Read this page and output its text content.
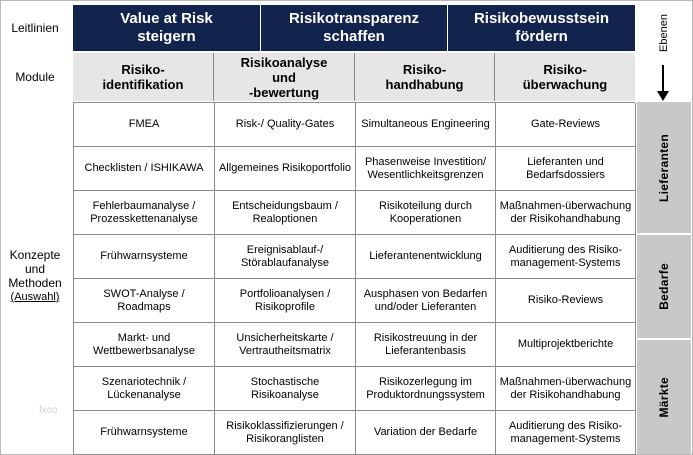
Leitlinien
Module
Konzepte
und
Methoden
(Auswahl)
fxco
Value at Risk
steigern
Risikotransparenz
schaffen
Risikobewusstsein
fördern
Risiko-
identifikation
Risikoanalyse
und
-bewertung
Risiko-
handhabung
Risiko-
überwachung
Ebenen
FMEA	Risk-/ Quality-Gates Simultaneous Engineering	Gate-Reviews
Checklisten / ISHIKAWA Allgemeines Risikoportfolio
Phasenweise Investition/
Wesentlichkeitsgrenzen
Lieferanten und
Bedarfsdossiers
Fehlerbaumanalyse /
Prozesskettenanalyse
Entscheidungsbaum /
Realoptionen
Risikoteilung durch
Kooperationen
Maßnahmen-überwachung
der Risikohandhabung
Frühwarnsysteme
Ereignisablauf-/
Störablaufanalyse
Lieferantenentwicklung
Auditierung des Risiko-
management-Systems
SWOT-Analyse /
Roadmaps
Portfolioanalysen /
Risikoprofile
Ausphasen von Bedarfen
und/oder Lieferanten
Risiko-Reviews
Markt- und
Wettbewerbsanalyse
Unsicherheitskarte /
Vertrautheitsmatrix
Risikostreuung in der
Lieferantenbasis
Multiprojektberichte
Szenariotechnik /
Lückenanalyse
Stochastische
Risikoanalyse
Risikozerlegung im
Produktordnungssystem
Maßnahmen-überwachung
der Risikohandhabung
Frühwarnsysteme
Risikoklassifizierungen /
Risikoranglisten
Variation der Bedarfe
Auditierung des Risiko-
management-Systems
Lieferanten
Bedarfe
Märkte
